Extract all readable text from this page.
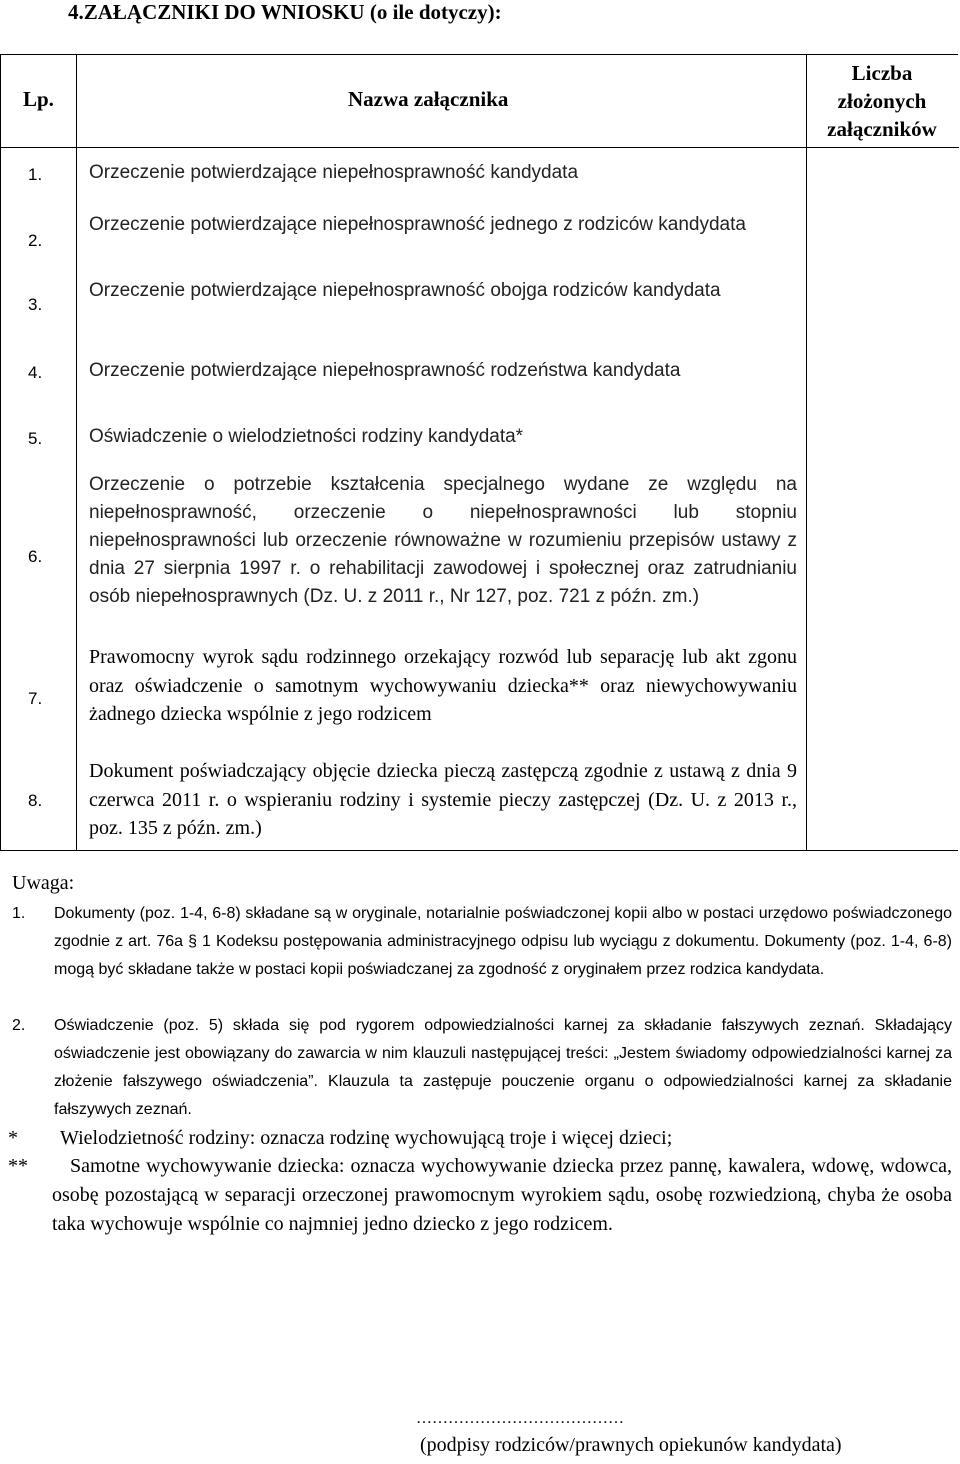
4.ZAŁĄCZNIKI DO WNIOSKU (o ile dotyczy):
Lp.	Nazwa załącznika
Liczba
złożonych
załączników
1. Orzeczenie potwierdzające niepełnosprawność kandydata
2.
Orzeczenie potwierdzające niepełnosprawność jednego z rodziców kandydata
3.
Orzeczenie potwierdzające niepełnosprawność obojga rodziców kandydata
4. Orzeczenie potwierdzające niepełnosprawność rodzeństwa kandydata
5. Oświadczenie o wielodzietności rodziny kandydata*
6.
Orzeczenie o potrzebie kształcenia specjalnego wydane ze względu na niepełnosprawność, orzeczenie o niepełnosprawności lub stopniu niepełnosprawności lub orzeczenie równoważne w rozumieniu przepisów ustawy z dnia 27 sierpnia 1997 r. o rehabilitacji zawodowej i społecznej oraz zatrudnianiu osób niepełnosprawnych (Dz. U. z 2011 r., Nr 127, poz. 721 z późn. zm.)
7.
Prawomocny wyrok sądu rodzinnego orzekający rozwód lub separację lub akt zgonu oraz oświadczenie o samotnym wychowywaniu dziecka** oraz niewychowywaniu żadnego dziecka wspólnie z jego rodzicem
8.
Dokument poświadczający objęcie dziecka pieczą zastępczą zgodnie z ustawą z dnia 9 czerwca 2011 r. o wspieraniu rodziny i systemie pieczy zastępczej (Dz. U. z 2013 r., poz. 135 z późn. zm.)
Uwaga:
1. Dokumenty (poz. 1-4, 6-8) składane są w oryginale, notarialnie poświadczonej kopii albo w postaci urzędowo poświadczonego zgodnie z art. 76a § 1 Kodeksu postępowania administracyjnego odpisu lub wyciągu z dokumentu. Dokumenty (poz. 1-4, 6-8) mogą być składane także w postaci kopii poświadczanej za zgodność z oryginałem przez rodzica kandydata.
2. Oświadczenie (poz. 5) składa się pod rygorem odpowiedzialności karnej za składanie fałszywych zeznań. Składający oświadczenie jest obowiązany do zawarcia w nim klauzuli następującej treści: „Jestem świadomy odpowiedzialności karnej za złożenie fałszywego oświadczenia”. Klauzula ta zastępuje pouczenie organu o odpowiedzialności karnej za składanie fałszywych zeznań.
* Wielodzietność rodziny: oznacza rodzinę wychowującą troje i więcej dzieci;
**	Samotne wychowywanie dziecka: oznacza wychowywanie dziecka przez pannę, kawalera, wdowę, wdowca, osobę pozostającą w separacji orzeczonej prawomocnym wyrokiem sądu, osobę rozwiedzioną, chyba że osoba taka wychowuje wspólnie co najmniej jedno dziecko z jego rodzicem.
…………………………………
(podpisy rodziców/prawnych opiekunów kandydata)
